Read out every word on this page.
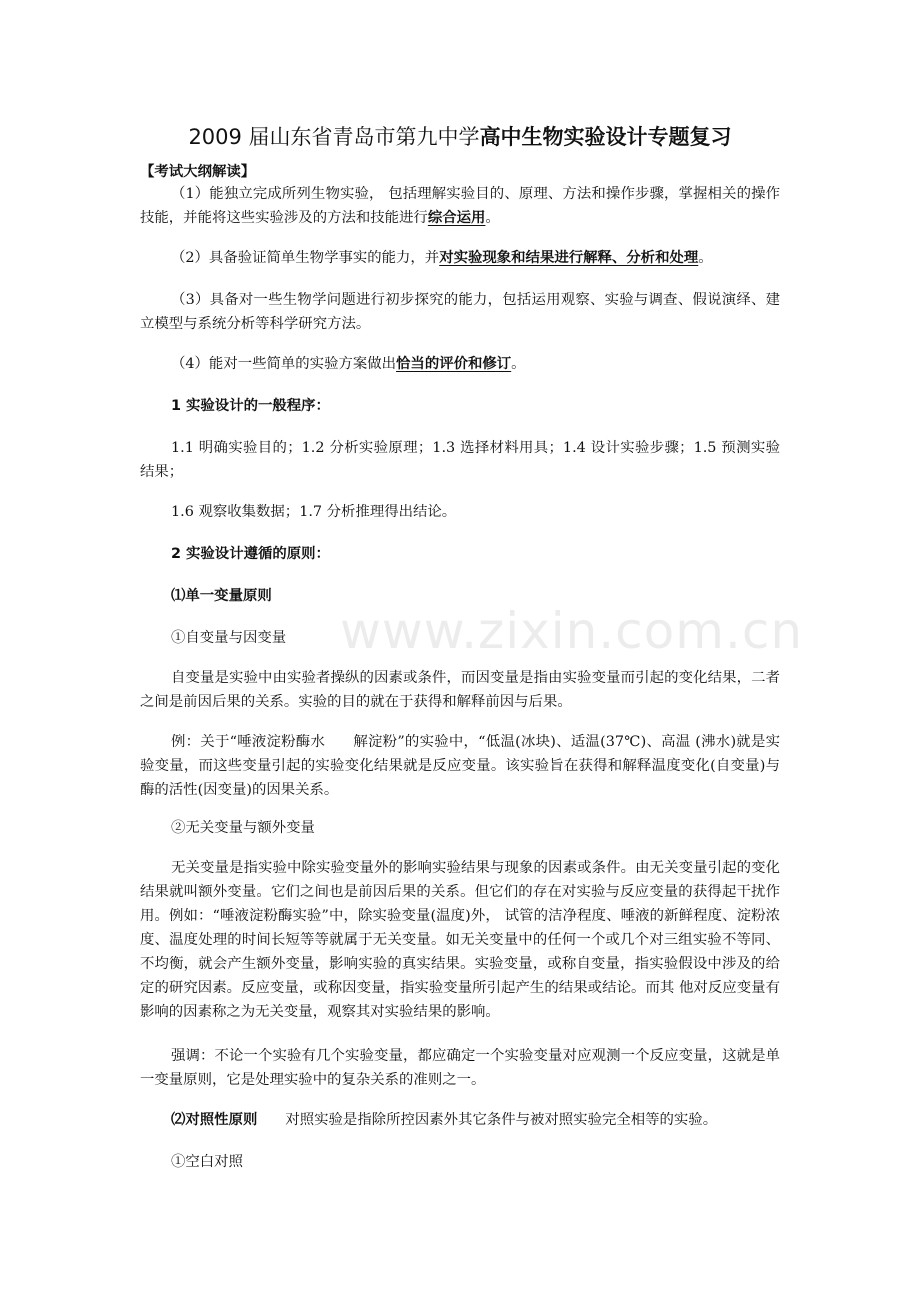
2009 届山东省青岛市第九中学高中生物实验设计专题复习
【考试大纲解读】
（1）能独立完成所列生物实验， 包括理解实验目的、原理、方法和操作步骤，掌握相关的操作技能，并能将这些实验涉及的方法和技能进行综合运用。
（2）具备验证简单生物学事实的能力，并对实验现象和结果进行解释、分析和处理。
（3）具备对一些生物学问题进行初步探究的能力，包括运用观察、实验与调查、假说演绎、建立模型与系统分析等科学研究方法。
（4）能对一些简单的实验方案做出恰当的评价和修订。
1 实验设计的一般程序：
1.1 明确实验目的；1.2 分析实验原理；1.3 选择材料用具；1.4 设计实验步骤；1.5 预测实验结果；
1.6 观察收集数据；1.7 分析推理得出结论。
2 实验设计遵循的原则：
⑴单一变量原则
①自变量与因变量
自变量是实验中由实验者操纵的因素或条件，而因变量是指由实验变量而引起的变化结果，二者之间是前因后果的关系。实验的目的就在于获得和解释前因与后果。
例：关于“唾液淀粉酶水 解淀粉”的实验中，“低温(冰块)、适温(37℃)、高温 (沸水)就是实验变量，而这些变量引起的实验变化结果就是反应变量。该实验旨在获得和解释温度变化(自变量)与酶的活性(因变量)的因果关系。
②无关变量与额外变量
无关变量是指实验中除实验变量外的影响实验结果与现象的因素或条件。由无关变量引起的变化结果就叫额外变量。它们之间也是前因后果的关系。但它们的存在对实验与反应变量的获得起干扰作用。例如：“唾液淀粉酶实验”中，除实验变量(温度)外， 试管的洁净程度、唾液的新鲜程度、淀粉浓度、温度处理的时间长短等等就属于无关变量。如无关变量中的任何一个或几个对三组实验不等同、不均衡，就会产生额外变量，影响实验的真实结果。实验变量，或称自变量，指实验假设中涉及的给定的研究因素。反应变量，或称因变量，指实验变量所引起产生的结果或结论。而其 他对反应变量有影响的因素称之为无关变量，观察其对实验结果的影响。
强调：不论一个实验有几个实验变量，都应确定一个实验变量对应观测一个反应变量，这就是单一变量原则，它是处理实验中的复杂关系的准则之一。
⑵对照性原则 对照实验是指除所控因素外其它条件与被对照实验完全相等的实验。
①空白对照
www.zixin.com.cn
